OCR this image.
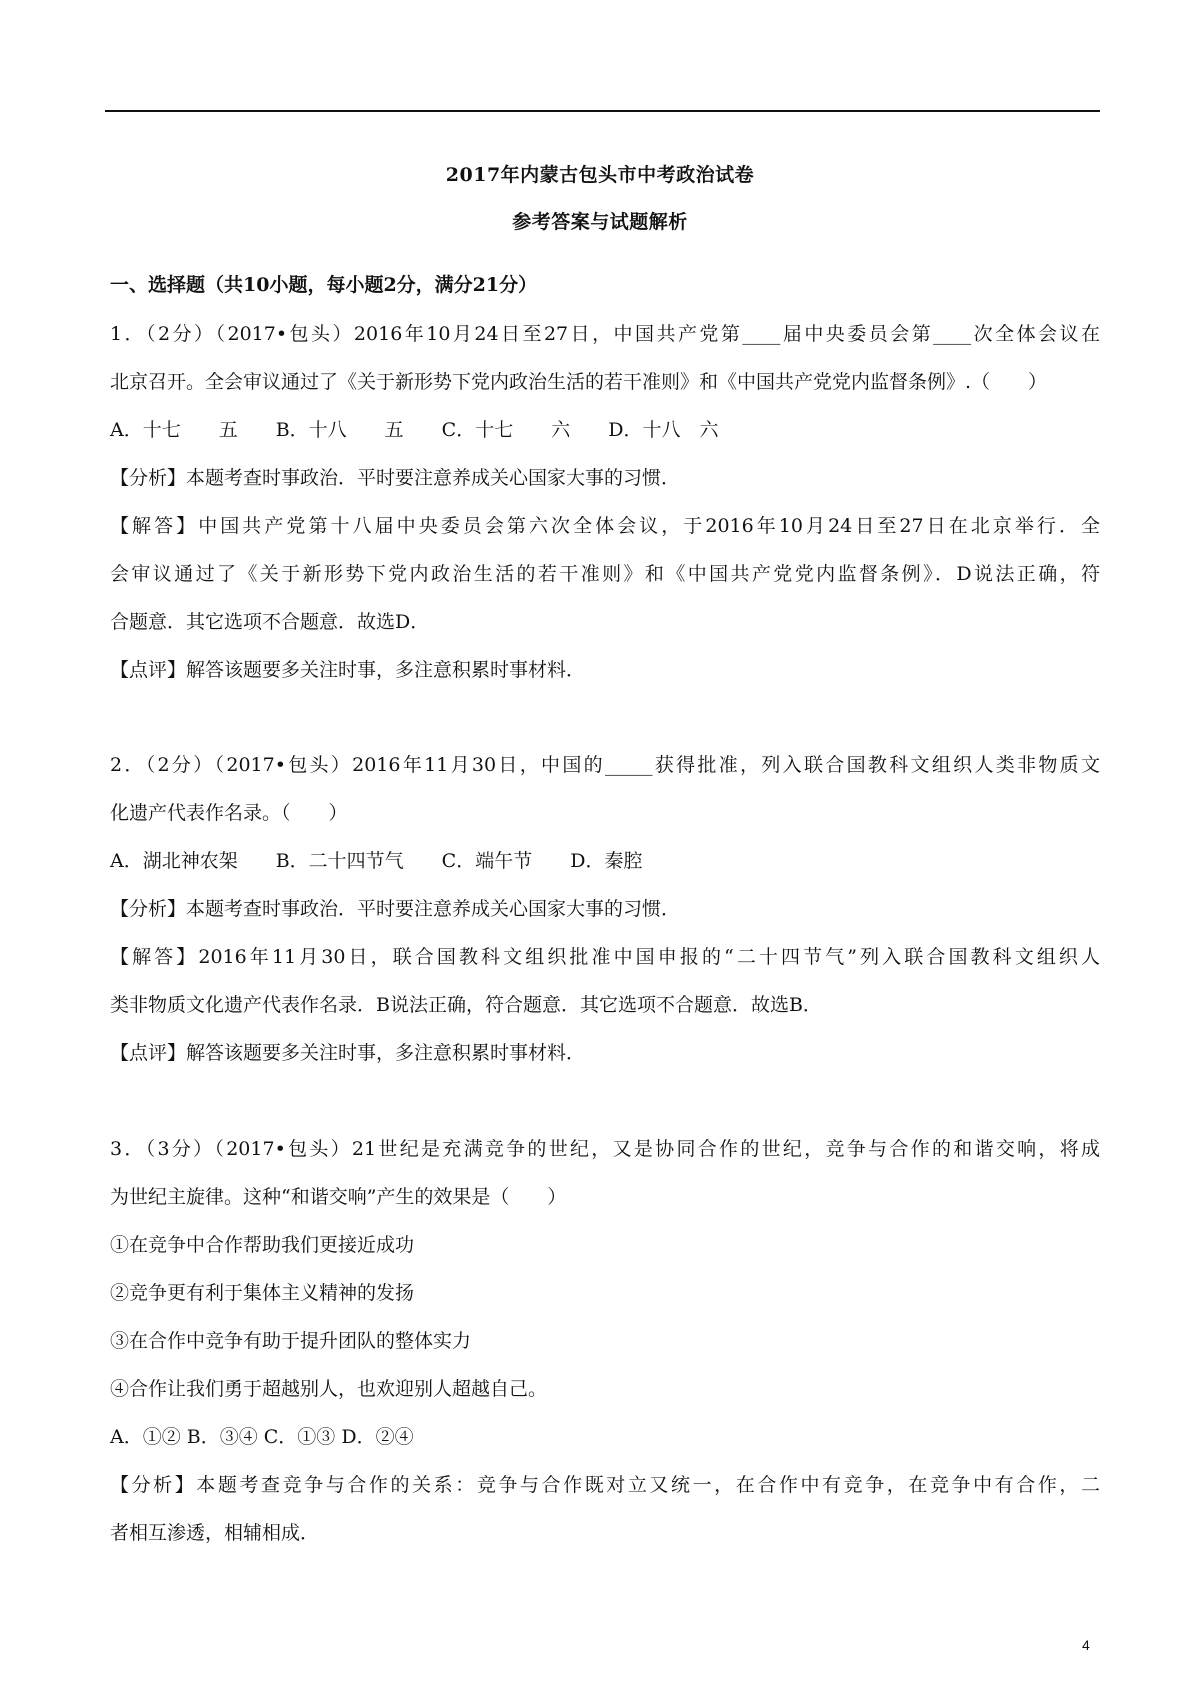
2017年内蒙古包头市中考政治试卷
参考答案与试题解析
一、选择题（共10小题，每小题2分，满分21分）
1．（2分）（2017•包头）2016年10月24日至27日，中国共产党第____届中央委员会第____次全体会议在
北京召开。全会审议通过了《关于新形势下党内政治生活的若干准则》和《中国共产党党内监督条例》.（　　）
A．十七　　五　　B．十八　　五　　C．十七　　六　　D．十八　六
【分析】本题考查时事政治．平时要注意养成关心国家大事的习惯．
【解答】中国共产党第十八届中央委员会第六次全体会议，于2016年10月24日至27日在北京举行．全
会审议通过了《关于新形势下党内政治生活的若干准则》和《中国共产党党内监督条例》．D说法正确，符
合题意．其它选项不合题意．故选D．
【点评】解答该题要多关注时事，多注意积累时事材料．
2．（2分）（2017•包头）2016年11月30日，中国的_____获得批准，列入联合国教科文组织人类非物质文
化遗产代表作名录。（　　）
A．湖北神农架　　B．二十四节气　　C．端午节　　D．秦腔
【分析】本题考查时事政治．平时要注意养成关心国家大事的习惯．
【解答】2016年11月30日，联合国教科文组织批准中国申报的“二十四节气”列入联合国教科文组织人
类非物质文化遗产代表作名录．B说法正确，符合题意．其它选项不合题意．故选B．
【点评】解答该题要多关注时事，多注意积累时事材料．
3．（3分）（2017•包头）21世纪是充满竞争的世纪，又是协同合作的世纪，竞争与合作的和谐交响，将成
为世纪主旋律。这种“和谐交响”产生的效果是（　　）
①在竞争中合作帮助我们更接近成功
②竞争更有利于集体主义精神的发扬
③在合作中竞争有助于提升团队的整体实力
④合作让我们勇于超越别人，也欢迎别人超越自己。
A．①② B．③④ C．①③ D．②④
【分析】本题考查竞争与合作的关系：竞争与合作既对立又统一，在合作中有竞争，在竞争中有合作，二
者相互渗透，相辅相成．
4
